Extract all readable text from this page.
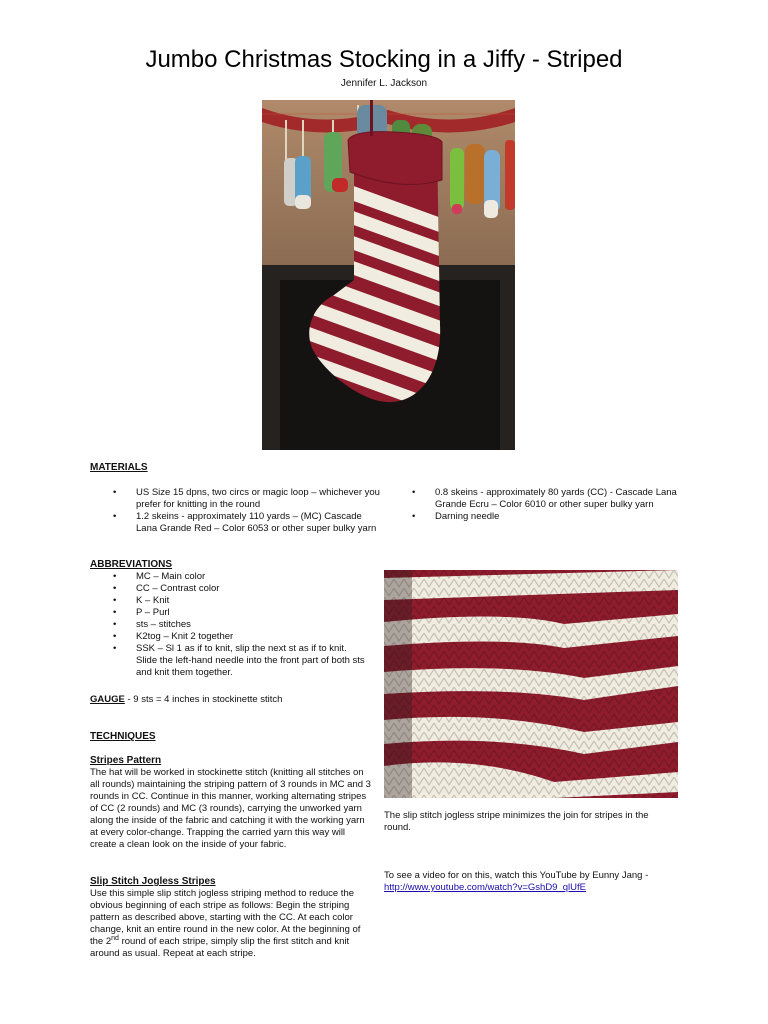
Jumbo Christmas Stocking in a Jiffy - Striped
Jennifer L. Jackson
MATERIALS
• US Size 15 dpns, two circs or magic loop – whichever you prefer for knitting in the round
• 1.2 skeins - approximately 110 yards – (MC) Cascade Lana Grande Red – Color 6053 or other super bulky yarn
• 0.8 skeins - approximately 80 yards (CC) - Cascade Lana Grande Ecru – Color 6010 or other super bulky yarn
• Darning needle
ABBREVIATIONS
• MC – Main color
• CC – Contrast color
• K – Knit
• P – Purl
• sts – stitches
• K2tog – Knit 2 together
• SSK – Sl 1 as if to knit, slip the next st as if to knit. Slide the left-hand needle into the front part of both sts and knit them together.
GAUGE - 9 sts = 4 inches in stockinette stitch
TECHNIQUES
Stripes Pattern
The hat will be worked in stockinette stitch (knitting all stitches on all rounds) maintaining the striping pattern of 3 rounds in MC and 3 rounds in CC. Continue in this manner, working alternating stripes of CC (2 rounds) and MC (3 rounds), carrying the unworked yarn along the inside of the fabric and catching it with the working yarn at every color-change. Trapping the carried yarn this way will create a clean look on the inside of your fabric.
Slip Stitch Jogless Stripes
Use this simple slip stitch jogless striping method to reduce the obvious beginning of each stripe as follows: Begin the striping pattern as described above, starting with the CC. At each color change, knit an entire round in the new color. At the beginning of the 2nd round of each stripe, simply slip the first stitch and knit around as usual. Repeat at each stripe.
The slip stitch jogless stripe minimizes the join for stripes in the round.
To see a video for on this, watch this YouTube by Eunny Jang - http://www.youtube.com/watch?v=GshD9_qlUfE
